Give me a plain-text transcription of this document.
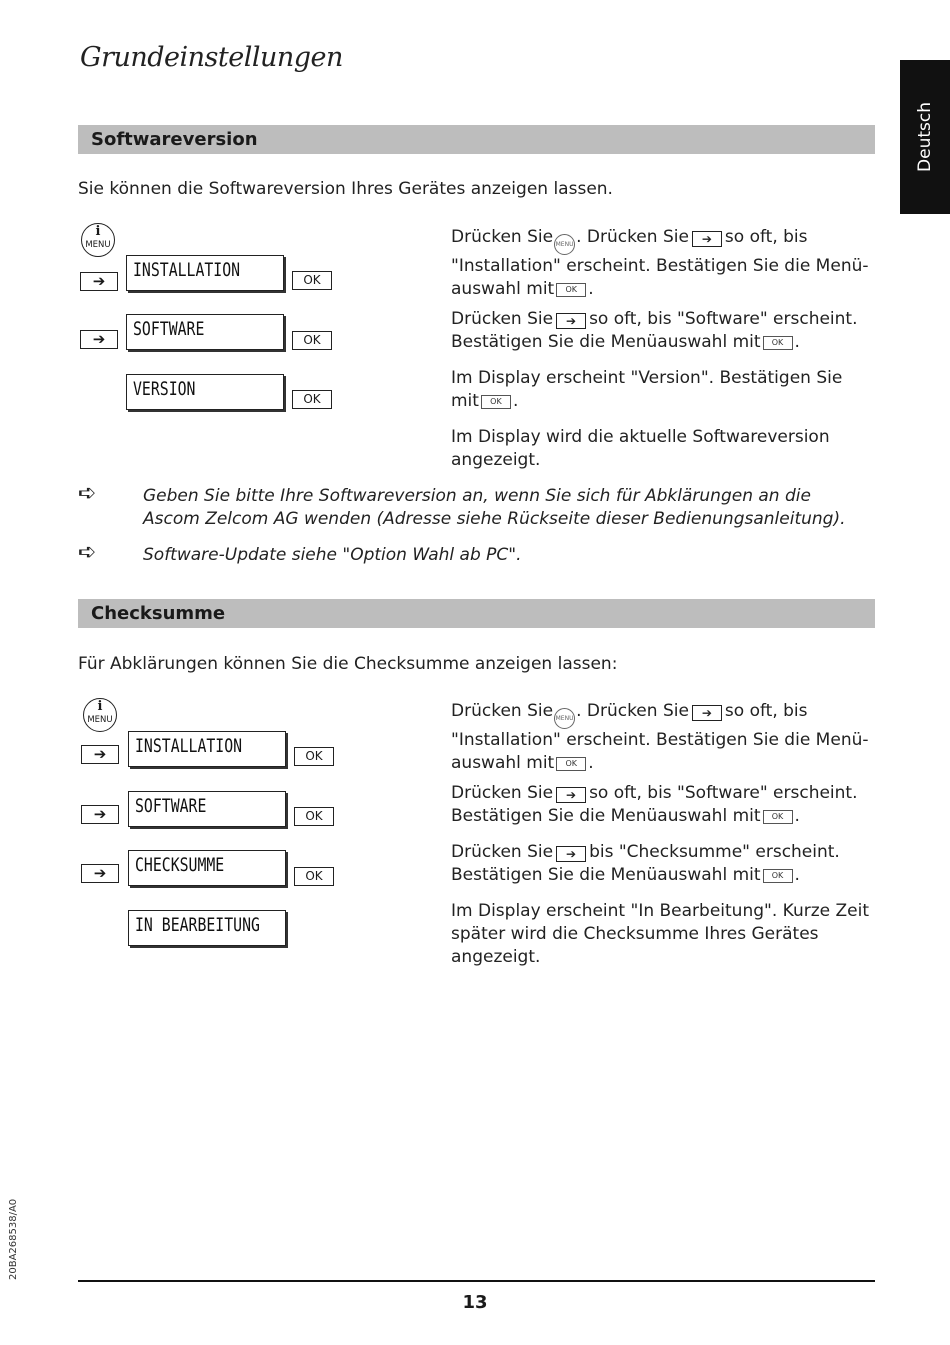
Grundeinstellungen
Deutsch
Softwareversion
Sie können die Softwareversion Ihres Gerätes anzeigen lassen.
i
MENU
➔	INSTALLATION	OK
➔	SOFTWARE	OK
VERSION	OK
Drücken Sie MENU . Drücken Sie ➔ so oft, bis "Installation" erscheint. Bestätigen Sie die Menüauswahl mit OK .
Drücken Sie ➔ so oft, bis "Software" erscheint. Bestätigen Sie die Menüauswahl mit OK .
Im Display erscheint "Version". Bestätigen Sie mit OK .
Im Display wird die aktuelle Softwareversion angezeigt.
➪	Geben Sie bitte Ihre Softwareversion an, wenn Sie sich für Abklärungen an die Ascom Zelcom AG wenden (Adresse siehe Rückseite dieser Bedienungsanleitung).
➪	Software-Update siehe "Option Wahl ab PC".
Checksumme
Für Abklärungen können Sie die Checksumme anzeigen lassen:
i
MENU
➔	INSTALLATION	OK
➔	SOFTWARE	OK
➔	CHECKSUMME	OK
IN BEARBEITUNG
Drücken Sie MENU . Drücken Sie ➔ so oft, bis "Installation" erscheint. Bestätigen Sie die Menüauswahl mit OK .
Drücken Sie ➔ so oft, bis "Software" erscheint. Bestätigen Sie die Menüauswahl mit OK .
Drücken Sie ➔ bis "Checksumme" erscheint. Bestätigen Sie die Menüauswahl mit OK .
Im Display erscheint "In Bearbeitung". Kurze Zeit später wird die Checksumme Ihres Gerätes angezeigt.
20BA268538/A0
13
